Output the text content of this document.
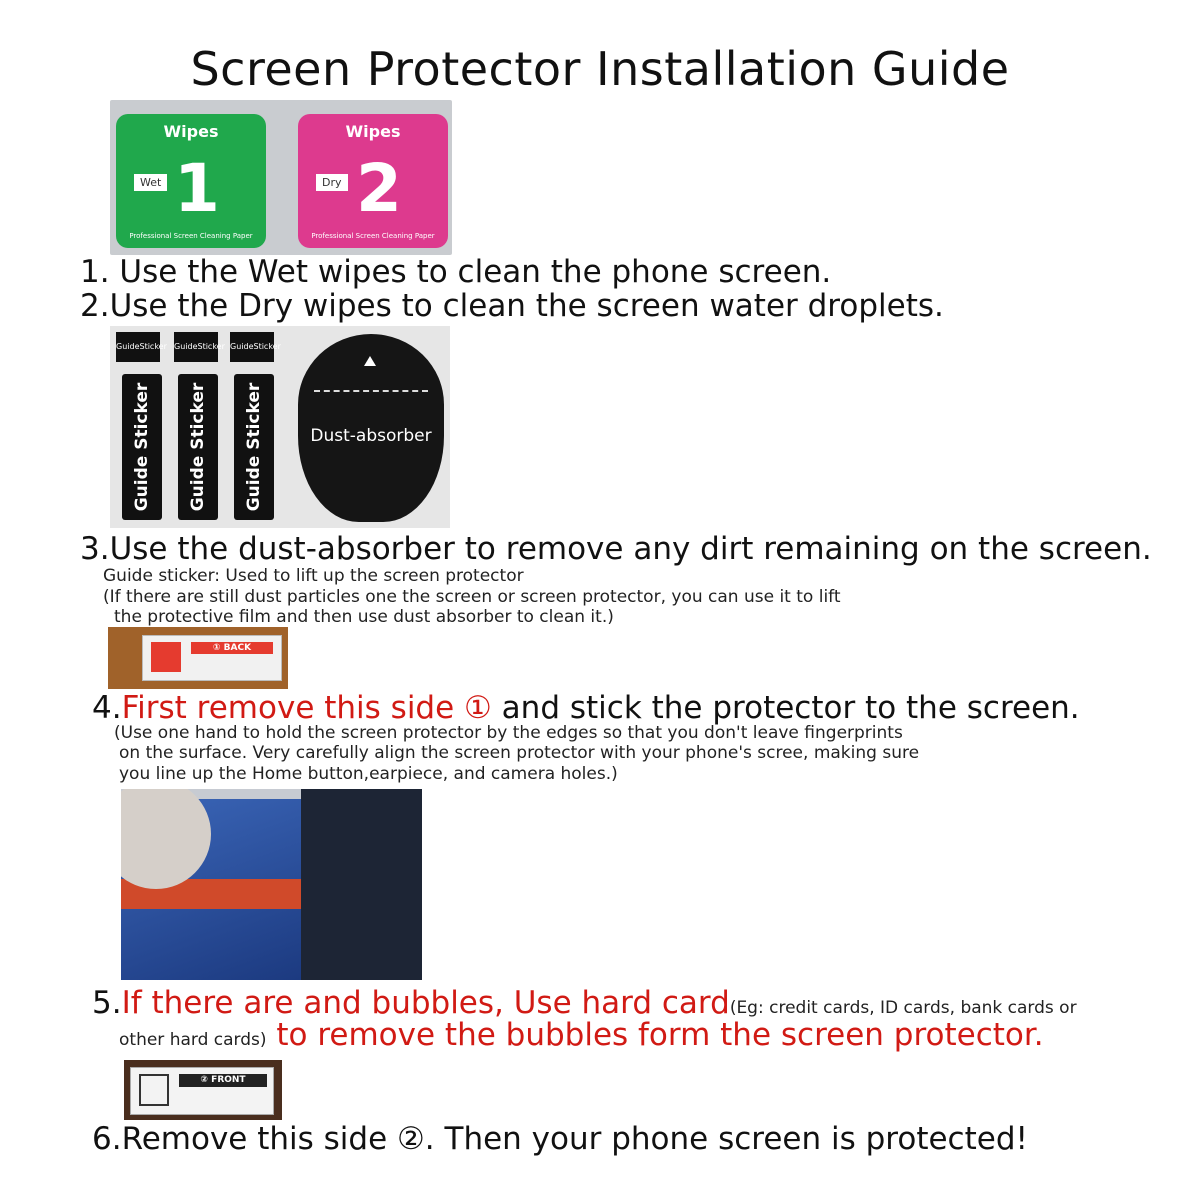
Screen Protector Installation Guide
Wipes
Wet 1
Professional Screen Cleaning Paper
Wipes
Dry 2
Professional Screen Cleaning Paper
1. Use the Wet wipes to clean the phone screen.
2.Use the Dry wipes to clean the screen water droplets.
GuideSticker GuideSticker GuideSticker
Guide Sticker Guide Sticker Guide Sticker	Dust-absorber
3.Use the dust-absorber to remove any dirt remaining on the screen.
Guide sticker: Used to lift up the screen protector
(If there are still dust particles one the screen or screen protector, you can use it to lift
the protective film and then use dust absorber to clean it.)
① BACK
4.First remove this side ① and stick the protector to the screen.
(Use one hand to hold the screen protector by the edges so that you don't leave fingerprints
on the surface. Very carefully align the screen protector with your phone's scree, making sure
you line up the Home button,earpiece, and camera holes.)
5.If there are and bubbles, Use hard card(Eg: credit cards, ID cards, bank cards or
other hard cards) to remove the bubbles form the screen protector.
② FRONT
6.Remove this side ②. Then your phone screen is protected!
